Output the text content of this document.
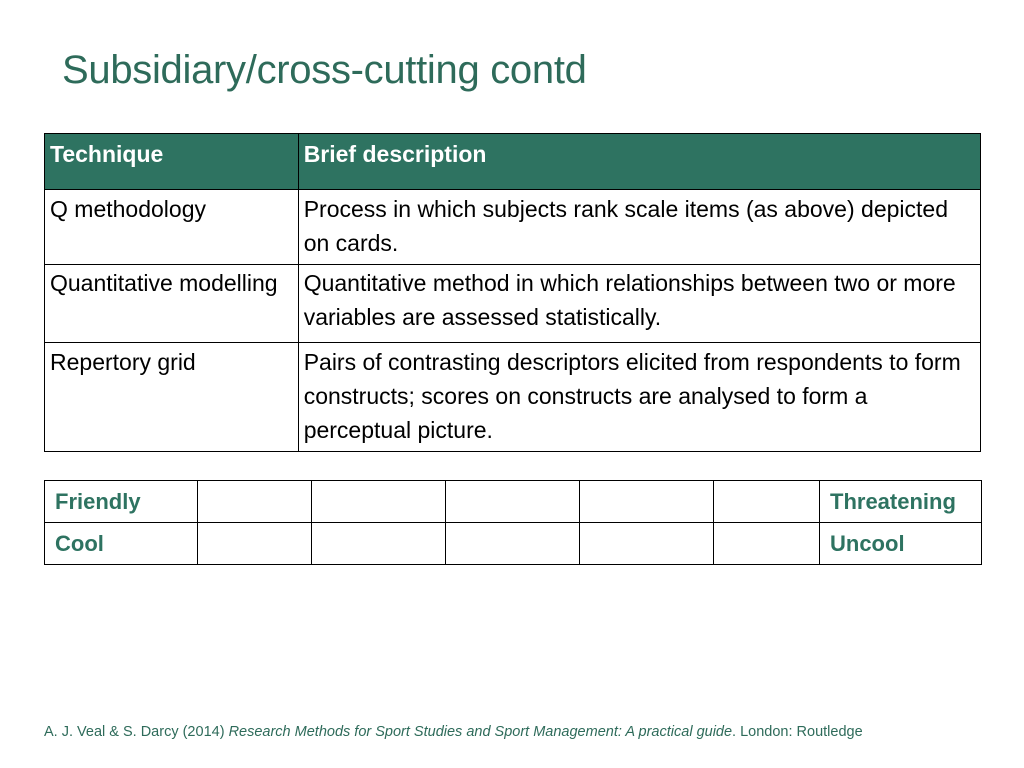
Subsidiary/cross-cutting contd
Technique	Brief description
Q methodology	Process in which subjects rank scale items (as above) depicted on cards.
Quantitative modelling	Quantitative method in which relationships between two or more variables are assessed statistically.
Repertory grid	Pairs of contrasting descriptors elicited from respondents to form constructs; scores on constructs are analysed to form a perceptual picture.
Friendly						Threatening
Cool						Uncool
A. J. Veal & S. Darcy (2014) Research Methods for Sport Studies and Sport Management: A practical guide. London: Routledge
